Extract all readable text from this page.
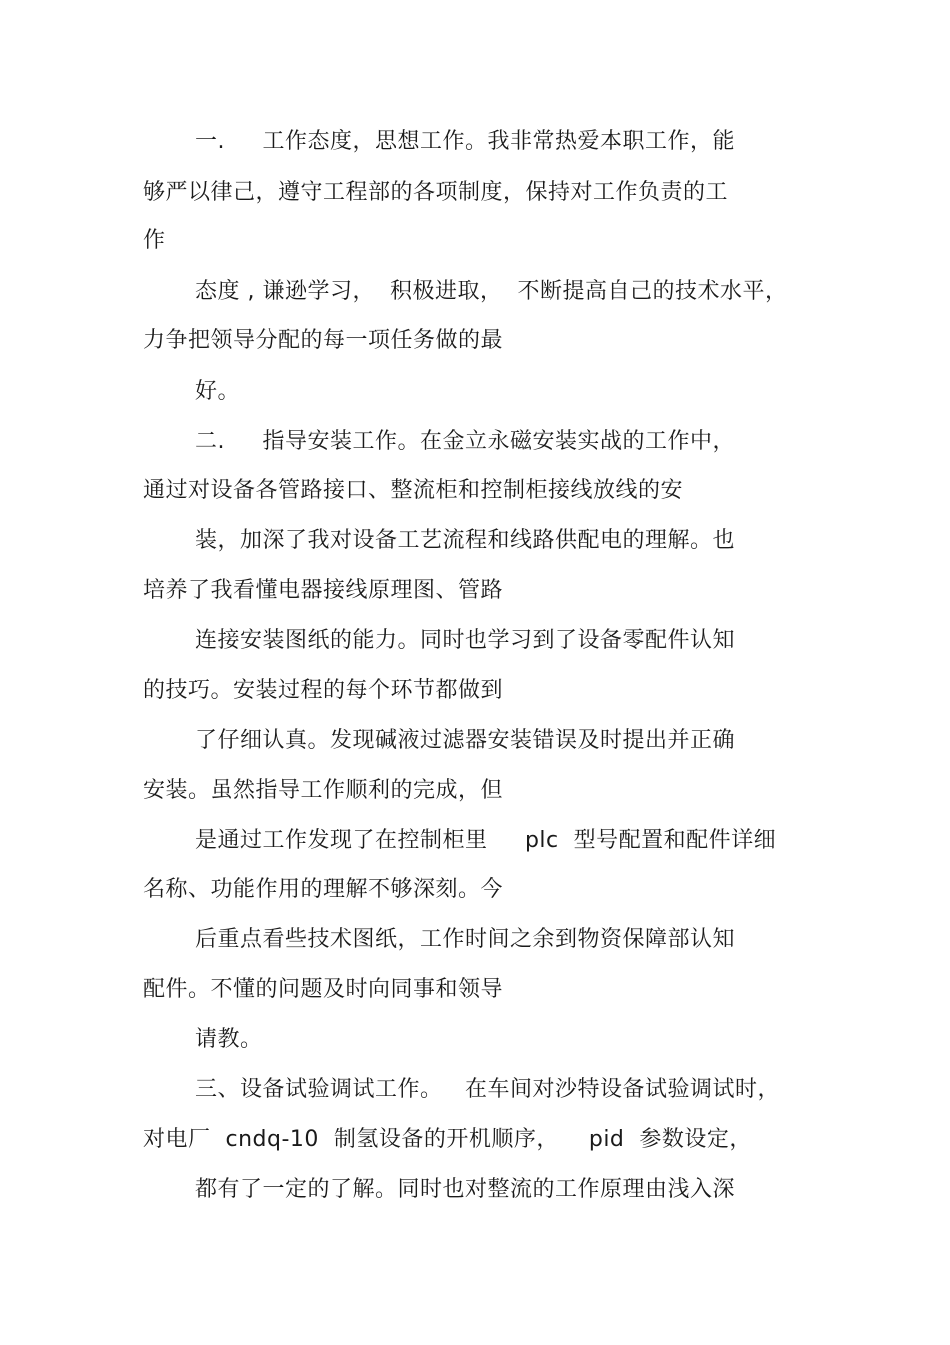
一.     工作态度，思想工作。我非常热爱本职工作，能
够严以律己，遵守工程部的各项制度，保持对工作负责的工
作
态度 , 谦逊学习，  积极进取，  不断提高自己的技术水平，
力争把领导分配的每一项任务做的最
好。
二.     指导安装工作。在金立永磁安装实战的工作中，
通过对设备各管路接口、整流柜和控制柜接线放线的安
装，加深了我对设备工艺流程和线路供配电的理解。也
培养了我看懂电器接线原理图、管路
连接安装图纸的能力。同时也学习到了设备零配件认知
的技巧。安装过程的每个环节都做到
了仔细认真。发现碱液过滤器安装错误及时提出并正确
安装。虽然指导工作顺利的完成，但
是通过工作发现了在控制柜里     plc  型号配置和配件详细
名称、功能作用的理解不够深刻。今
后重点看些技术图纸，工作时间之余到物资保障部认知
配件。不懂的问题及时向同事和领导
请教。
三、设备试验调试工作。   在车间对沙特设备试验调试时，
对电厂  cndq-10  制氢设备的开机顺序，    pid  参数设定，
都有了一定的了解。同时也对整流的工作原理由浅入深
